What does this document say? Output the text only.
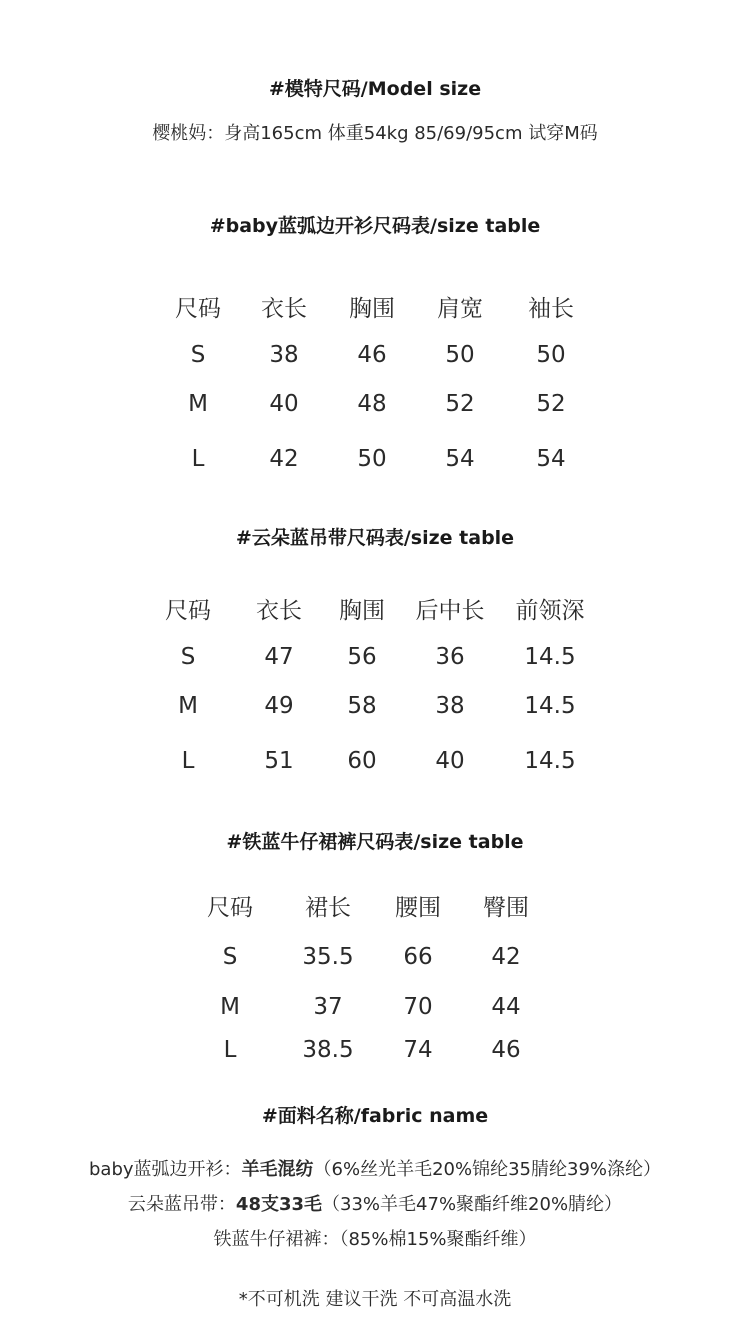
#模特尺码/Model size
樱桃妈：身高165cm 体重54kg 85/69/95cm 试穿M码
#baby蓝弧边开衫尺码表/size table
尺码	衣长	胸围	肩宽	袖长
S	38	46	50	50
M	40	48	52	52
L	42	50	54	54
#云朵蓝吊带尺码表/size table
尺码	衣长	胸围	后中长	前领深
S	47	56	36	14.5
M	49	58	38	14.5
L	51	60	40	14.5
#铁蓝牛仔裙裤尺码表/size table
尺码	裙长	腰围	臀围
S	35.5	66	42
M	37	70	44
L	38.5	74	46
#面料名称/fabric name
baby蓝弧边开衫：羊毛混纺（6%丝光羊毛20%锦纶35腈纶39%涤纶）
云朵蓝吊带：48支33毛（33%羊毛47%聚酯纤维20%腈纶）
铁蓝牛仔裙裤：（85%棉15%聚酯纤维）
*不可机洗 建议干洗 不可高温水洗
